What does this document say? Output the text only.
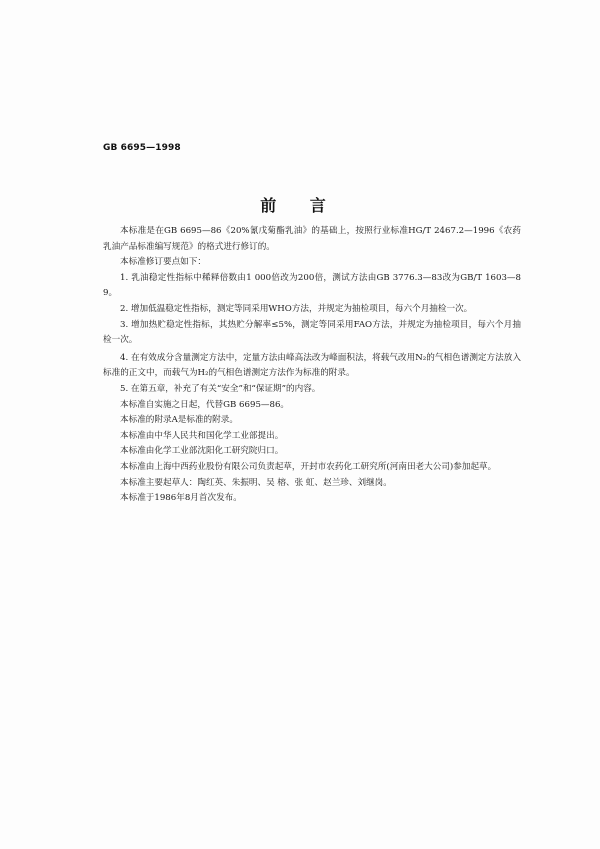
GB 6695—1998
前 言

本标准是在GB 6695—86《20%氰戊菊酯乳油》的基础上，按照行业标准HG/T 2467.2—1996《农药乳油产品标准编写规范》的格式进行修订的。

本标准修订要点如下：

1. 乳油稳定性指标中稀释倍数由1 000倍改为200倍，测试方法由GB 3776.3—83改为GB/T 1603—89。

2. 增加低温稳定性指标，测定等同采用WHO方法，并规定为抽检项目，每六个月抽检一次。

3. 增加热贮稳定性指标，其热贮分解率≤5%，测定等同采用FAO方法，并规定为抽检项目，每六个月抽检一次。

4. 在有效成分含量测定方法中，定量方法由峰高法改为峰面积法，将载气改用N₂的气相色谱测定方法放入标准的正文中，而载气为H₂的气相色谱测定方法作为标准的附录。

5. 在第五章，补充了有关“安全”和“保证期”的内容。

本标准自实施之日起，代替GB 6695—86。

本标准的附录A是标准的附录。

本标准由中华人民共和国化学工业部提出。

本标准由化学工业部沈阳化工研究院归口。

本标准由上海中西药业股份有限公司负责起草，开封市农药化工研究所(河南田老大公司)参加起草。

本标准主要起草人：陶红英、朱振明、吴 榕、张 虹、赵兰珍、刘继岗。

本标准于1986年8月首次发布。
